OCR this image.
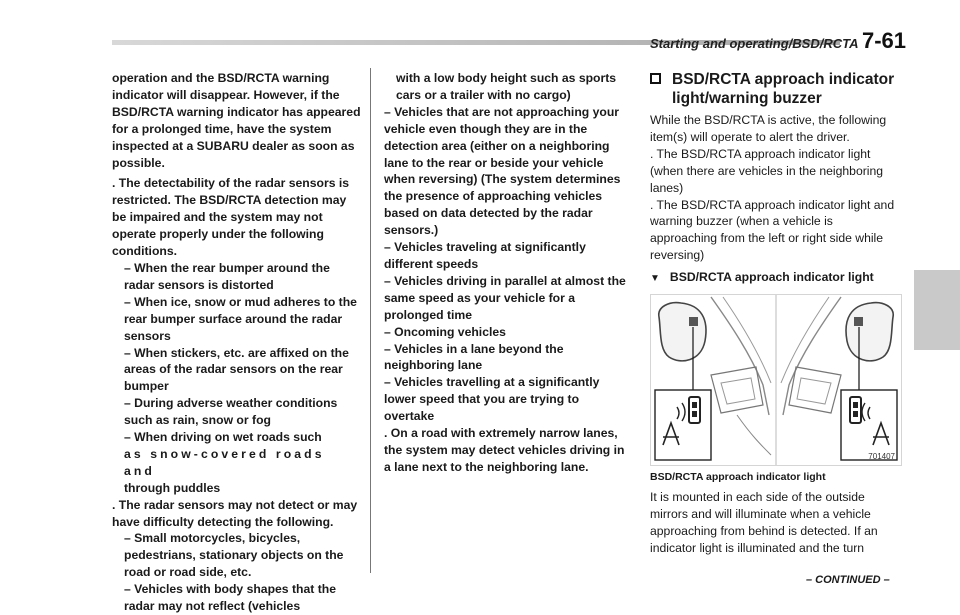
Starting and operating/BSD/RCTA 7-61

operation and the BSD/RCTA warning indicator will disappear. However, if the BSD/RCTA warning indicator has appeared for a prolonged time, have the system inspected at a SUBARU dealer as soon as possible.

. The detectability of the radar sensors is restricted. The BSD/RCTA detection may be impaired and the system may not operate properly under the following conditions.

– When the rear bumper around the radar sensors is distorted

– When ice, snow or mud adheres to the rear bumper surface around the radar sensors

– When stickers, etc. are affixed on the areas of the radar sensors on the rear bumper

– During adverse weather conditions such as rain, snow or fog

– When driving on wet roads such

as snow-covered roads and

through puddles

. The radar sensors may not detect or may have difficulty detecting the following.

– Small motorcycles, bicycles, pedestrians, stationary objects on the road or road side, etc.

– Vehicles with body shapes that the radar may not reflect (vehicles

with a low body height such as sports cars or a trailer with no cargo)

– Vehicles that are not approaching your vehicle even though they are in the detection area (either on a neighboring lane to the rear or beside your vehicle when reversing) (The system determines the presence of approaching vehicles based on data detected by the radar sensors.)

– Vehicles traveling at significantly different speeds

– Vehicles driving in parallel at almost the same speed as your vehicle for a prolonged time

– Oncoming vehicles

– Vehicles in a lane beyond the neighboring lane

– Vehicles travelling at a significantly lower speed that you are trying to overtake

. On a road with extremely narrow lanes, the system may detect vehicles driving in a lane next to the neighboring lane.

BSD/RCTA approach indicator light/warning buzzer

While the BSD/RCTA is active, the following item(s) will operate to alert the driver.

. The BSD/RCTA approach indicator light (when there are vehicles in the neighboring lanes)

. The BSD/RCTA approach indicator light and warning buzzer (when a vehicle is approaching from the left or right side while reversing)

▼ BSD/RCTA approach indicator light
701407

BSD/RCTA approach indicator light

It is mounted in each side of the outside mirrors and will illuminate when a vehicle approaching from behind is detected. If an indicator light is illuminated and the turn

– CONTINUED –
